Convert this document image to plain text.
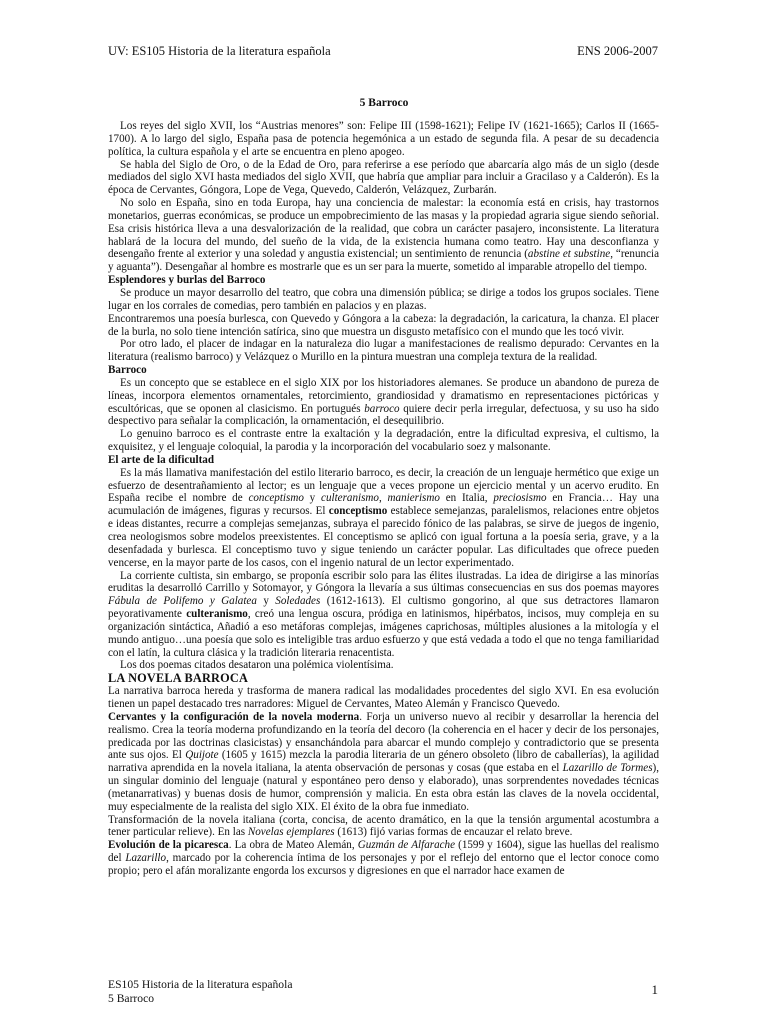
UV: ES105 Historia de la literatura española	ENS 2006-2007
5 Barroco

Los reyes del siglo XVII, los “Austrias menores” son: Felipe III (1598-1621); Felipe IV (1621-1665); Carlos II (1665-1700). A lo largo del siglo, España pasa de potencia hegemónica a un estado de segunda fila. A pesar de su decadencia política, la cultura española y el arte se encuentra en pleno apogeo.

Se habla del Siglo de Oro, o de la Edad de Oro, para referirse a ese período que abarcaría algo más de un siglo (desde mediados del siglo XVI hasta mediados del siglo XVII, que habría que ampliar para incluir a Gracilaso y a Calderón). Es la época de Cervantes, Góngora, Lope de Vega, Quevedo, Calderón, Velázquez, Zurbarán.

No solo en España, sino en toda Europa, hay una conciencia de malestar: la economía está en crisis, hay trastornos monetarios, guerras económicas, se produce un empobrecimiento de las masas y la propiedad agraria sigue siendo señorial. Esa crisis histórica lleva a una desvalorización de la realidad, que cobra un carácter pasajero, inconsistente. La literatura hablará de la locura del mundo, del sueño de la vida, de la existencia humana como teatro. Hay una desconfianza y desengaño frente al exterior y una soledad y angustia existencial; un sentimiento de renuncia (abstine et substine, “renuncia y aguanta”). Desengañar al hombre es mostrarle que es un ser para la muerte, sometido al imparable atropello del tiempo.

Esplendores y burlas del Barroco

Se produce un mayor desarrollo del teatro, que cobra una dimensión pública; se dirige a todos los grupos sociales. Tiene lugar en los corrales de comedias, pero también en palacios y en plazas.

Encontraremos una poesía burlesca, con Quevedo y Góngora a la cabeza: la degradación, la caricatura, la chanza. El placer de la burla, no solo tiene intención satírica, sino que muestra un disgusto metafísico con el mundo que les tocó vivir.

Por otro lado, el placer de indagar en la naturaleza dio lugar a manifestaciones de realismo depurado: Cervantes en la literatura (realismo barroco) y Velázquez o Murillo en la pintura muestran una compleja textura de la realidad.

Barroco

Es un concepto que se establece en el siglo XIX por los historiadores alemanes. Se produce un abandono de pureza de líneas, incorpora elementos ornamentales, retorcimiento, grandiosidad y dramatismo en representaciones pictóricas y escultóricas, que se oponen al clasicismo. En portugués barroco quiere decir perla irregular, defectuosa, y su uso ha sido despectivo para señalar la complicación, la ornamentación, el desequilibrio.

Lo genuino barroco es el contraste entre la exaltación y la degradación, entre la dificultad expresiva, el cultismo, la exquisitez, y el lenguaje coloquial, la parodia y la incorporación del vocabulario soez y malsonante.

El arte de la dificultad

Es la más llamativa manifestación del estilo literario barroco, es decir, la creación de un lenguaje hermético que exige un esfuerzo de desentrañamiento al lector; es un lenguaje que a veces propone un ejercicio mental y un acervo erudito. En España recibe el nombre de conceptismo y culteranismo, manierismo en Italia, preciosismo en Francia… Hay una acumulación de imágenes, figuras y recursos. El conceptismo establece semejanzas, paralelismos, relaciones entre objetos e ideas distantes, recurre a complejas semejanzas, subraya el parecido fónico de las palabras, se sirve de juegos de ingenio, crea neologismos sobre modelos preexistentes. El conceptismo se aplicó con igual fortuna a la poesía seria, grave, y a la desenfadada y burlesca. El conceptismo tuvo y sigue teniendo un carácter popular. Las dificultades que ofrece pueden vencerse, en la mayor parte de los casos, con el ingenio natural de un lector experimentado.

La corriente cultista, sin embargo, se proponía escribir solo para las élites ilustradas. La idea de dirigirse a las minorías eruditas la desarrolló Carrillo y Sotomayor, y Góngora la llevaría a sus últimas consecuencias en sus dos poemas mayores Fábula de Polifemo y Galatea y Soledades (1612-1613). El cultismo gongorino, al que sus detractores llamaron peyorativamente culteranismo, creó una lengua oscura, pródiga en latinismos, hipérbatos, incisos, muy compleja en su organización sintáctica, Añadió a eso metáforas complejas, imágenes caprichosas, múltiples alusiones a la mitología y el mundo antiguo…una poesía que solo es inteligible tras arduo esfuerzo y que está vedada a todo el que no tenga familiaridad con el latín, la cultura clásica y la tradición literaria renacentista.

Los dos poemas citados desataron una polémica violentísima.

LA NOVELA BARROCA

La narrativa barroca hereda y trasforma de manera radical las modalidades procedentes del siglo XVI. En esa evolución tienen un papel destacado tres narradores: Miguel de Cervantes, Mateo Alemán y Francisco Quevedo.

Cervantes y la configuración de la novela moderna. Forja un universo nuevo al recibir y desarrollar la herencia del realismo. Crea la teoría moderna profundizando en la teoría del decoro (la coherencia en el hacer y decir de los personajes, predicada por las doctrinas clasicistas) y ensanchándola para abarcar el mundo complejo y contradictorio que se presenta ante sus ojos. El Quijote (1605 y 1615) mezcla la parodia literaria de un género obsoleto (libro de caballerías), la agilidad narrativa aprendida en la novela italiana, la atenta observación de personas y cosas (que estaba en el Lazarillo de Tormes), un singular dominio del lenguaje (natural y espontáneo pero denso y elaborado), unas sorprendentes novedades técnicas (metanarrativas) y buenas dosis de humor, comprensión y malicia. En esta obra están las claves de la novela occidental, muy especialmente de la realista del siglo XIX. El éxito de la obra fue inmediato.

Transformación de la novela italiana (corta, concisa, de acento dramático, en la que la tensión argumental acostumbra a tener particular relieve). En las Novelas ejemplares (1613) fijó varias formas de encauzar el relato breve.

Evolución de la picaresca. La obra de Mateo Alemán, Guzmán de Alfarache (1599 y 1604), sigue las huellas del realismo del Lazarillo, marcado por la coherencia íntima de los personajes y por el reflejo del entorno que el lector conoce como propio; pero el afán moralizante engorda los excursos y digresiones en que el narrador hace examen de

ES105 Historia de la literatura española
5 Barroco
1
